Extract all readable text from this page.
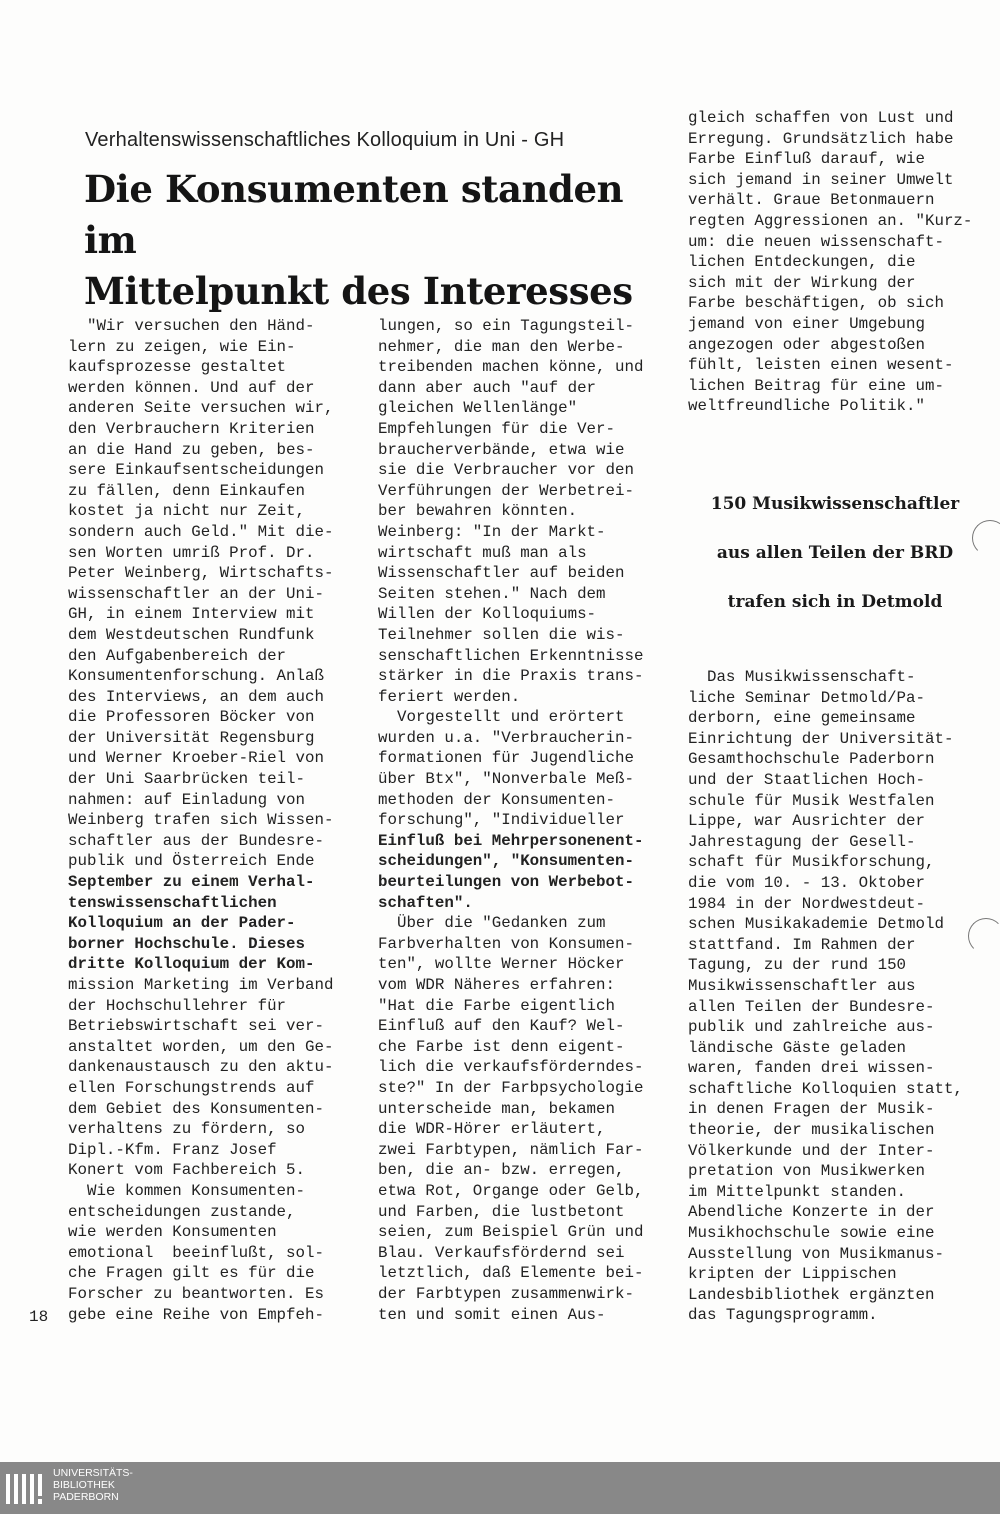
Verhaltenswissenschaftliches Kolloquium in Uni - GH
Die Konsumenten standen im
Mittelpunkt des Interesses
"Wir versuchen den Händ-
lern zu zeigen, wie Ein-
kaufsprozesse gestaltet
werden können. Und auf der
anderen Seite versuchen wir,
den Verbrauchern Kriterien
an die Hand zu geben, bes-
sere Einkaufsentscheidungen
zu fällen, denn Einkaufen
kostet ja nicht nur Zeit,
sondern auch Geld." Mit die-
sen Worten umriß Prof. Dr.
Peter Weinberg, Wirtschafts-
wissenschaftler an der Uni-
GH, in einem Interview mit
dem Westdeutschen Rundfunk
den Aufgabenbereich der
Konsumentenforschung. Anlaß
des Interviews, an dem auch
die Professoren Böcker von
der Universität Regensburg
und Werner Kroeber-Riel von
der Uni Saarbrücken teil-
nahmen: auf Einladung von
Weinberg trafen sich Wissen-
schaftler aus der Bundesre-
publik und Österreich Ende
September zu einem Verhal-
tenswissenschaftlichen
Kolloquium an der Pader-
borner Hochschule. Dieses
dritte Kolloquium der Kom-
mission Marketing im Verband
der Hochschullehrer für
Betriebswirtschaft sei ver-
anstaltet worden, um den Ge-
dankenaustausch zu den aktu-
ellen Forschungstrends auf
dem Gebiet des Konsumenten-
verhaltens zu fördern, so
Dipl.-Kfm. Franz Josef
Konert vom Fachbereich 5.
Wie kommen Konsumenten-
entscheidungen zustande,
wie werden Konsumenten
emotional  beeinflußt, sol-
che Fragen gilt es für die
Forscher zu beantworten. Es
gebe eine Reihe von Empfeh-
lungen, so ein Tagungsteil-
nehmer, die man den Werbe-
treibenden machen könne, und
dann aber auch "auf der
gleichen Wellenlänge"
Empfehlungen für die Ver-
braucherverbände, etwa wie
sie die Verbraucher vor den
Verführungen der Werbetrei-
ber bewahren könnten.
Weinberg: "In der Markt-
wirtschaft muß man als
Wissenschaftler auf beiden
Seiten stehen." Nach dem
Willen der Kolloquiums-
Teilnehmer sollen die wis-
senschaftlichen Erkenntnisse
stärker in die Praxis trans-
feriert werden.
Vorgestellt und erörtert
wurden u.a. "Verbraucherin-
formationen für Jugendliche
über Btx", "Nonverbale Meß-
methoden der Konsumenten-
forschung", "Individueller
Einfluß bei Mehrpersonenent-
scheidungen", "Konsumenten-
beurteilungen von Werbebot-
schaften".
Über die "Gedanken zum
Farbverhalten von Konsumen-
ten", wollte Werner Höcker
vom WDR Näheres erfahren:
"Hat die Farbe eigentlich
Einfluß auf den Kauf? Wel-
che Farbe ist denn eigent-
lich die verkaufsförderndes-
ste?" In der Farbpsychologie
unterscheide man, bekamen
die WDR-Hörer erläutert,
zwei Farbtypen, nämlich Far-
ben, die an- bzw. erregen,
etwa Rot, Organge oder Gelb,
und Farben, die lustbetont
seien, zum Beispiel Grün und
Blau. Verkaufsfördernd sei
letztlich, daß Elemente bei-
der Farbtypen zusammenwirk-
ten und somit einen Aus-
gleich schaffen von Lust und
Erregung. Grundsätzlich habe
Farbe Einfluß darauf, wie
sich jemand in seiner Umwelt
verhält. Graue Betonmauern
regten Aggressionen an. "Kurz-
um: die neuen wissenschaft-
lichen Entdeckungen, die
sich mit der Wirkung der
Farbe beschäftigen, ob sich
jemand von einer Umgebung
angezogen oder abgestoßen
fühlt, leisten einen wesent-
lichen Beitrag für eine um-
weltfreundliche Politik."
150 Musikwissenschaftler
aus allen Teilen der BRD
trafen sich in Detmold
Das Musikwissenschaft-
liche Seminar Detmold/Pa-
derborn, eine gemeinsame
Einrichtung der Universität-
Gesamthochschule Paderborn
und der Staatlichen Hoch-
schule für Musik Westfalen
Lippe, war Ausrichter der
Jahrestagung der Gesell-
schaft für Musikforschung,
die vom 10. - 13. Oktober
1984 in der Nordwestdeut-
schen Musikakademie Detmold
stattfand. Im Rahmen der
Tagung, zu der rund 150
Musikwissenschaftler aus
allen Teilen der Bundesre-
publik und zahlreiche aus-
ländische Gäste geladen
waren, fanden drei wissen-
schaftliche Kolloquien statt,
in denen Fragen der Musik-
theorie, der musikalischen
Völkerkunde und der Inter-
pretation von Musikwerken
im Mittelpunkt standen.
Abendliche Konzerte in der
Musikhochschule sowie eine
Ausstellung von Musikmanus-
kripten der Lippischen
Landesbibliothek ergänzten
das Tagungsprogramm.
18
UNIVERSITÄTS-
BIBLIOTHEK
PADERBORN
